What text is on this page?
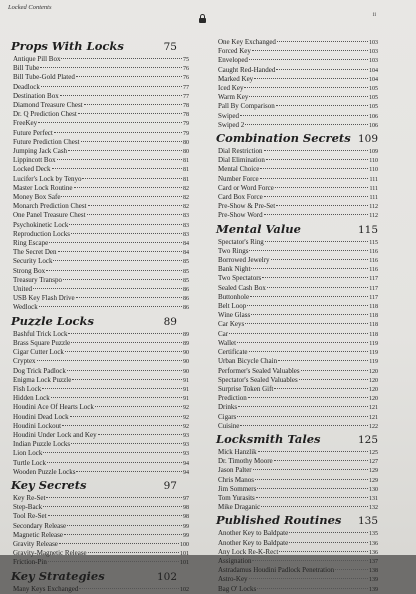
Locked Contents
ii
Props With Locks	75
Antique Pill Box	75
Bill Tube	76
Bill Tube-Gold Plated	76
Deadlock	77
Destination Box	77
Diamond Treasure Chest	78
Dr. Q Prediction Chest	78
FreeKey	79
Future Perfect	79
Future Prediction Chest	80
Jumping Jack Cash	80
Lippincott Box	81
Locked Deck	81
Lucifer's Lock by Tenyo	81
Master Lock Routine	82
Money Box Safe	82
Monarch Prediction Chest	82
One Panel Treasure Chest	83
Psychokinetic Lock	83
Reproduction Locks	83
Ring Escape	84
The Secret Den	84
Security Lock	85
Strong Box	85
Treasury Transpo	85
United	86
USB Key Flash Drive	86
Wedlock	86
Puzzle Locks	89
Bashful Trick Lock	89
Brass Square Puzzle	89
Cigar Cutter Lock	90
Cryptex	90
Dog Trick Padlock	90
Enigma Lock Puzzle	91
Fish Lock	91
Hidden Lock	91
Houdini Ace Of Hearts Lock	92
Houdini Dead Lock	92
Houdini Lockout	92
Houdini Under Lock and Key	93
Indian Puzzle Locks	93
Lion Lock	93
Turtle Lock	94
Wooden Puzzle Locks	94
Key Secrets	97
Key Re-Set	97
Step-Back	98
Tool Re-Set	98
Secondary Release	99
Magnetic Release	99
Gravity Release	100
Gravity-Magnetic Release	101
Friction-Pin	101
Key Strategies	102
Many Keys Exchanged	102
One Key Exchanged	103
Forced Key	103
Enveloped	103
Caught Red-Handed	104
Marked Key	104
Iced Key	105
Warm Key	105
Pall By Comparison	105
Swiped	106
Swiped 2	106
Combination Secrets 109
Dial Restriction	109
Dial Elimination	110
Mental Choice	110
Number Force	111
Card or Word Force	111
Card Box Force	111
Pre-Show & Pre-Set	112
Pre-Show Word	112
Mental Value	115
Spectator's Ring	115
Two Rings	116
Borrowed Jewelry	116
Bank Night	116
Two Spectators	117
Sealed Cash Box	117
Buttonhole	117
Belt Loop	118
Wine Glass	118
Car Keys	118
Car	118
Wallet	119
Certificate	119
Urban Bicycle Chain	119
Performer's Sealed Valuables	120
Spectator's Sealed Valuables	120
Surprise Token Gift	120
Prediction	120
Drinks	121
Cigars	121
Cuisine	122
Locksmith Tales	125
Mick Hanzlik	125
Dr. Timothy Moore	127
Jason Palter	129
Chris Manos	129
Jim Sommers	130
Tom Yurasits	131
Mike Draganic	132
Published Routines 135
Another Key to Baldpate	135
Another Key to Baldpate	136
Any Lock Re-K-Rect	136
Assignation	137
Astradamus Houdini Padlock Penetration	138
Astro-Key	139
Bag O' Locks	139
